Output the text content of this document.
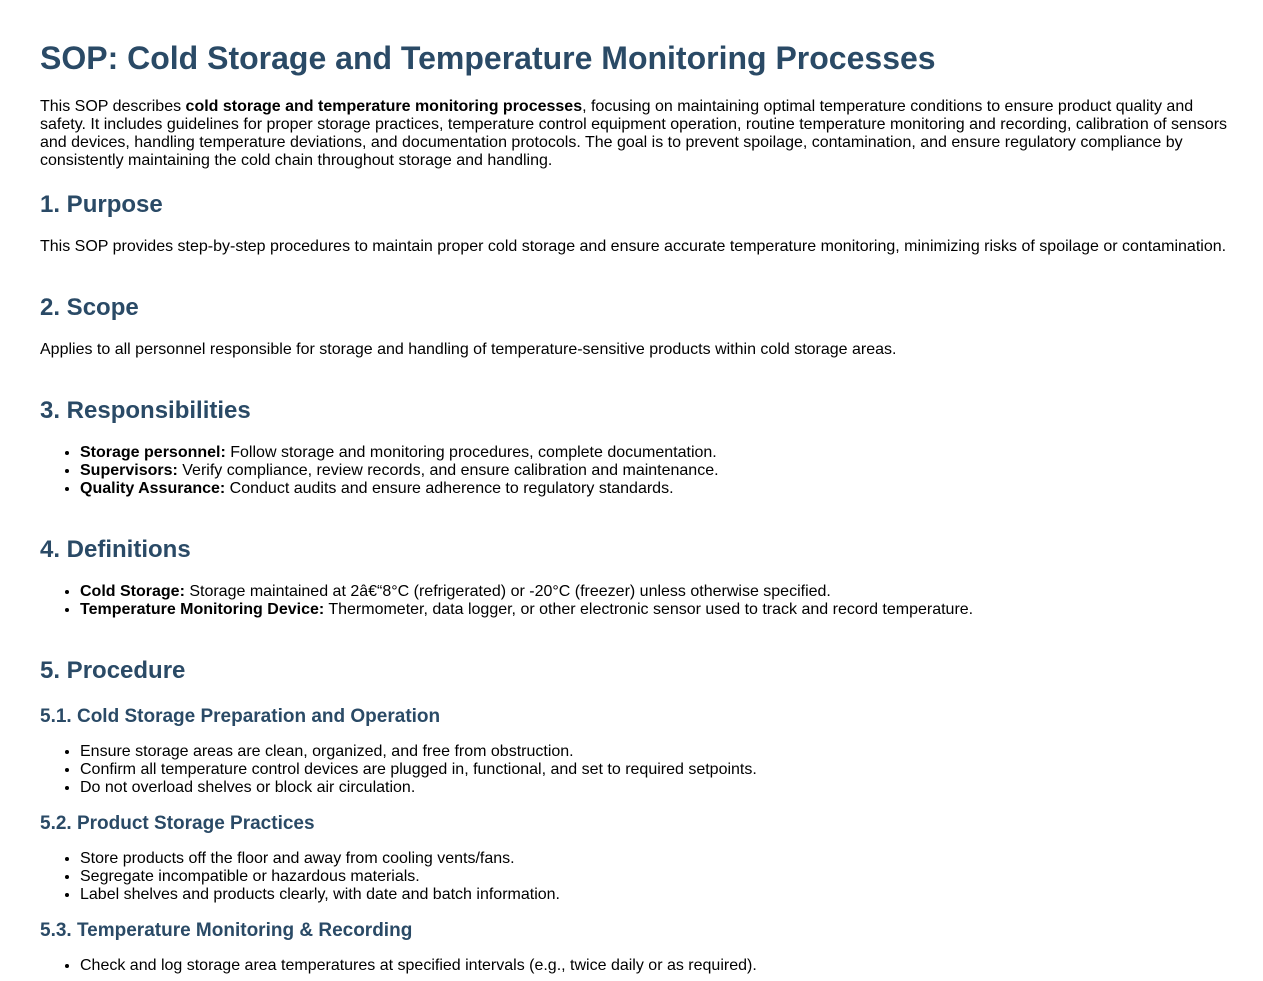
SOP: Cold Storage and Temperature Monitoring Processes

This SOP describes cold storage and temperature monitoring processes, focusing on maintaining optimal temperature conditions to ensure product quality and safety. It includes guidelines for proper storage practices, temperature control equipment operation, routine temperature monitoring and recording, calibration of sensors and devices, handling temperature deviations, and documentation protocols. The goal is to prevent spoilage, contamination, and ensure regulatory compliance by consistently maintaining the cold chain throughout storage and handling.

1. Purpose

This SOP provides step-by-step procedures to maintain proper cold storage and ensure accurate temperature monitoring, minimizing risks of spoilage or contamination.

2. Scope

Applies to all personnel responsible for storage and handling of temperature-sensitive products within cold storage areas.

3. Responsibilities
• Storage personnel: Follow storage and monitoring procedures, complete documentation.
• Supervisors: Verify compliance, review records, and ensure calibration and maintenance.
• Quality Assurance: Conduct audits and ensure adherence to regulatory standards.
4. Definitions
• Cold Storage: Storage maintained at 2â€“8°C (refrigerated) or -20°C (freezer) unless otherwise specified.
• Temperature Monitoring Device: Thermometer, data logger, or other electronic sensor used to track and record temperature.
5. Procedure
5.1. Cold Storage Preparation and Operation
• Ensure storage areas are clean, organized, and free from obstruction.
• Confirm all temperature control devices are plugged in, functional, and set to required setpoints.
• Do not overload shelves or block air circulation.
5.2. Product Storage Practices
• Store products off the floor and away from cooling vents/fans.
• Segregate incompatible or hazardous materials.
• Label shelves and products clearly, with date and batch information.
5.3. Temperature Monitoring & Recording
• Check and log storage area temperatures at specified intervals (e.g., twice daily or as required).
